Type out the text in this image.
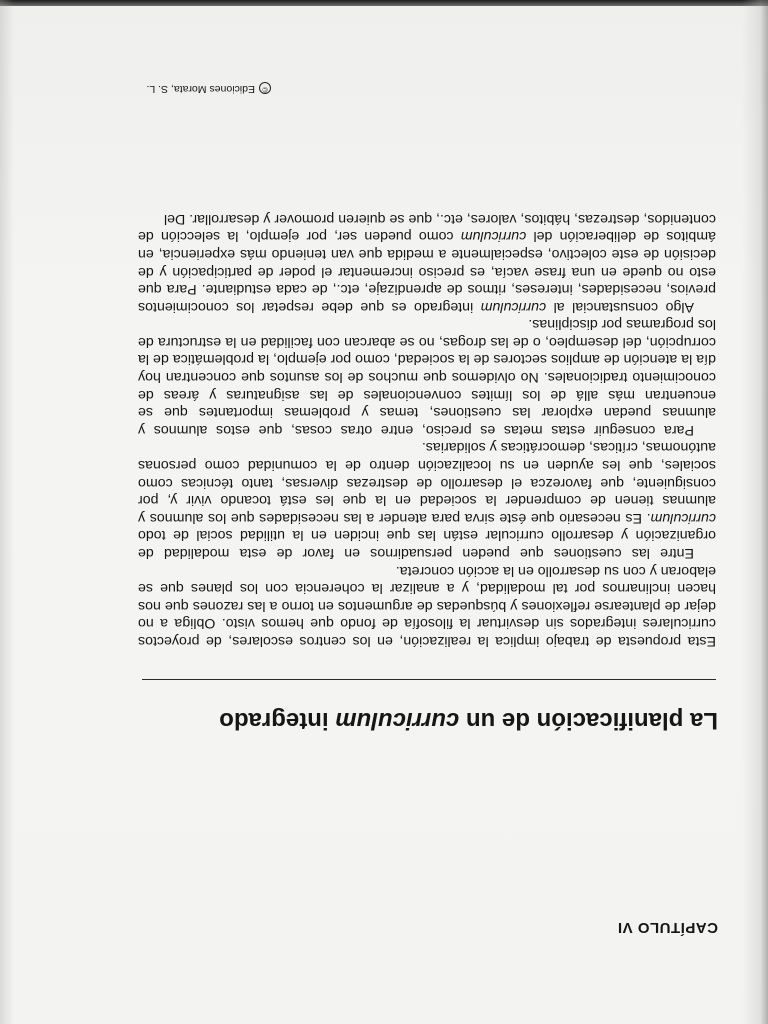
CAPÍTULO VI
La planificación de un curriculum integrado

Esta propuesta de trabajo implica la realización, en los centros escolares, de proyectos curriculares integrados sin desvirtuar la filosofía de fondo que hemos visto. Obliga a no dejar de plantearse reflexiones y búsquedas de argumentos en torno a las razones que nos hacen inclinarnos por tal modalidad, y a analizar la coherencia con los planes que se elaboran y con su desarrollo en la acción concreta.

Entre las cuestiones que pueden persuadirnos en favor de esta modalidad de organización y desarrollo curricular están las que inciden en la utilidad social de todo curriculum. Es necesario que éste sirva para atender a las necesidades que los alumnos y alumnas tienen de comprender la sociedad en la que les está tocando vivir y, por consiguiente, que favorezca el desarrollo de destrezas diversas, tanto técnicas como sociales, que les ayuden en su localización dentro de la comunidad como personas autónomas, críticas, democráticas y solidarias.

Para conseguir estas metas es preciso, entre otras cosas, que estos alumnos y alumnas puedan explorar las cuestiones, temas y problemas importantes que se encuentran más allá de los límites convencionales de las asignaturas y áreas de conocimiento tradicionales. No olvidemos que muchos de los asuntos que concentran hoy día la atención de amplios sectores de la sociedad, como por ejemplo, la problemática de la corrupción, del desempleo, o de las drogas, no se abarcan con facilidad en la estructura de los programas por disciplinas.

Algo consustancial al curriculum integrado es que debe respetar los conocimientos previos, necesidades, intereses, ritmos de aprendizaje, etc., de cada estudiante. Para que esto no quede en una frase vacía, es preciso incrementar el poder de participación y de decisión de este colectivo, especialmente a medida que van teniendo más experiencia, en ámbitos de deliberación del curriculum como pueden ser, por ejemplo, la selección de contenidos, destrezas, hábitos, valores, etc., que se quieren promover y desarrollar. Del

©Ediciones Morata, S. L.
